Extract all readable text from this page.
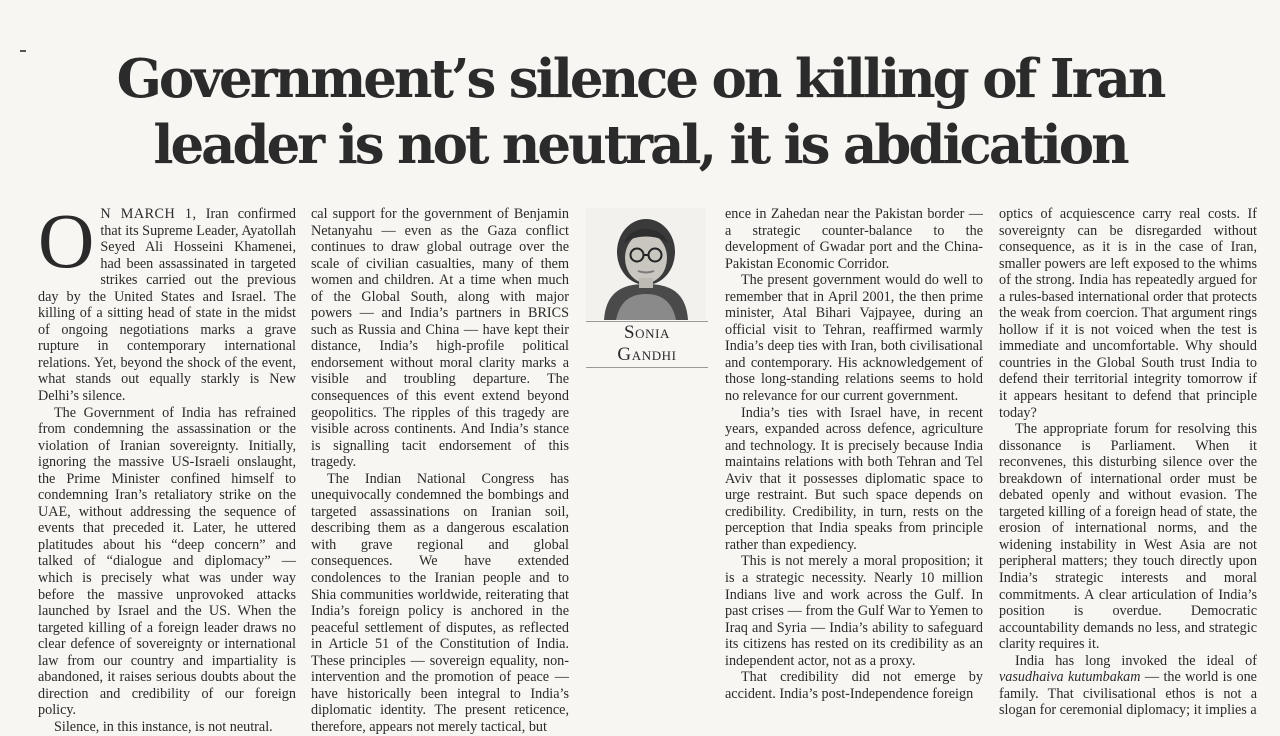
Government’s silence on killing of Iran
leader is not neutral, it is abdication

O N MARCH 1, Iran confirmed that its Supreme Leader, Ayatollah Seyed Ali Hosseini Khamenei, had been assassinated in targeted strikes carried out the previous day by the United States and Israel. The killing of a sitting head of state in the midst of ongoing negotiations marks a grave rupture in contemporary international relations. Yet, beyond the shock of the event, what stands out equally starkly is New Delhi’s silence.

The Government of India has refrained from condemning the assassination or the violation of Iranian sovereignty. Initially, ignoring the massive US-Israeli onslaught, the Prime Minister confined himself to condemning Iran’s retaliatory strike on the UAE, without addressing the sequence of events that preceded it. Later, he uttered platitudes about his “deep concern” and talked of “dialogue and diplomacy” — which is precisely what was under way before the massive unprovoked attacks launched by Israel and the US. When the targeted killing of a foreign leader draws no clear defence of sovereignty or international law from our country and impartiality is abandoned, it raises serious doubts about the direction and credibility of our foreign policy.

Silence, in this instance, is not neutral.

cal support for the government of Benjamin Netanyahu — even as the Gaza conflict continues to draw global outrage over the scale of civilian casualties, many of them women and children. At a time when much of the Global South, along with major powers — and India’s partners in BRICS such as Russia and China — have kept their distance, India’s high-profile political endorsement without moral clarity marks a visible and troubling departure. The consequences of this event extend beyond geopolitics. The ripples of this tragedy are visible across continents. And India’s stance is signalling tacit endorsement of this tragedy.

The Indian National Congress has unequivocally condemned the bombings and targeted assassinations on Iranian soil, describing them as a dangerous escalation with grave regional and global consequences. We have extended condolences to the Iranian people and to Shia communities worldwide, reiterating that India’s foreign policy is anchored in the peaceful settlement of disputes, as reflected in Article 51 of the Constitution of India. These principles — sovereign equality, non-intervention and the promotion of peace — have historically been integral to India’s diplomatic identity. The present reticence, therefore, appears not merely tactical, but

Sonia
Gandhi

ence in Zahedan near the Pakistan border — a strategic counter-balance to the development of Gwadar port and the China-Pakistan Economic Corridor.

The present government would do well to remember that in April 2001, the then prime minister, Atal Bihari Vajpayee, during an official visit to Tehran, reaffirmed warmly India’s deep ties with Iran, both civilisational and contemporary. His acknowledgement of those long-standing relations seems to hold no relevance for our current government.

India’s ties with Israel have, in recent years, expanded across defence, agriculture and technology. It is precisely because India maintains relations with both Tehran and Tel Aviv that it possesses diplomatic space to urge restraint. But such space depends on credibility. Credibility, in turn, rests on the perception that India speaks from principle rather than expediency.

This is not merely a moral proposition; it is a strategic necessity. Nearly 10 million Indians live and work across the Gulf. In past crises — from the Gulf War to Yemen to Iraq and Syria — India’s ability to safeguard its citizens has rested on its credibility as an independent actor, not as a proxy.

That credibility did not emerge by accident. India’s post-Independence foreign

optics of acquiescence carry real costs. If sovereignty can be disregarded without consequence, as it is in the case of Iran, smaller powers are left exposed to the whims of the strong. India has repeatedly argued for a rules-based international order that protects the weak from coercion. That argument rings hollow if it is not voiced when the test is immediate and uncomfortable. Why should countries in the Global South trust India to defend their territorial integrity tomorrow if it appears hesitant to defend that principle today?

The appropriate forum for resolving this dissonance is Parliament. When it reconvenes, this disturbing silence over the breakdown of international order must be debated openly and without evasion. The targeted killing of a foreign head of state, the erosion of international norms, and the widening instability in West Asia are not peripheral matters; they touch directly upon India’s strategic interests and moral commitments. A clear articulation of India’s position is overdue. Democratic accountability demands no less, and strategic clarity requires it.

India has long invoked the ideal of vasudhaiva kutumbakam — the world is one family. That civilisational ethos is not a slogan for ceremonial diplomacy; it implies a
